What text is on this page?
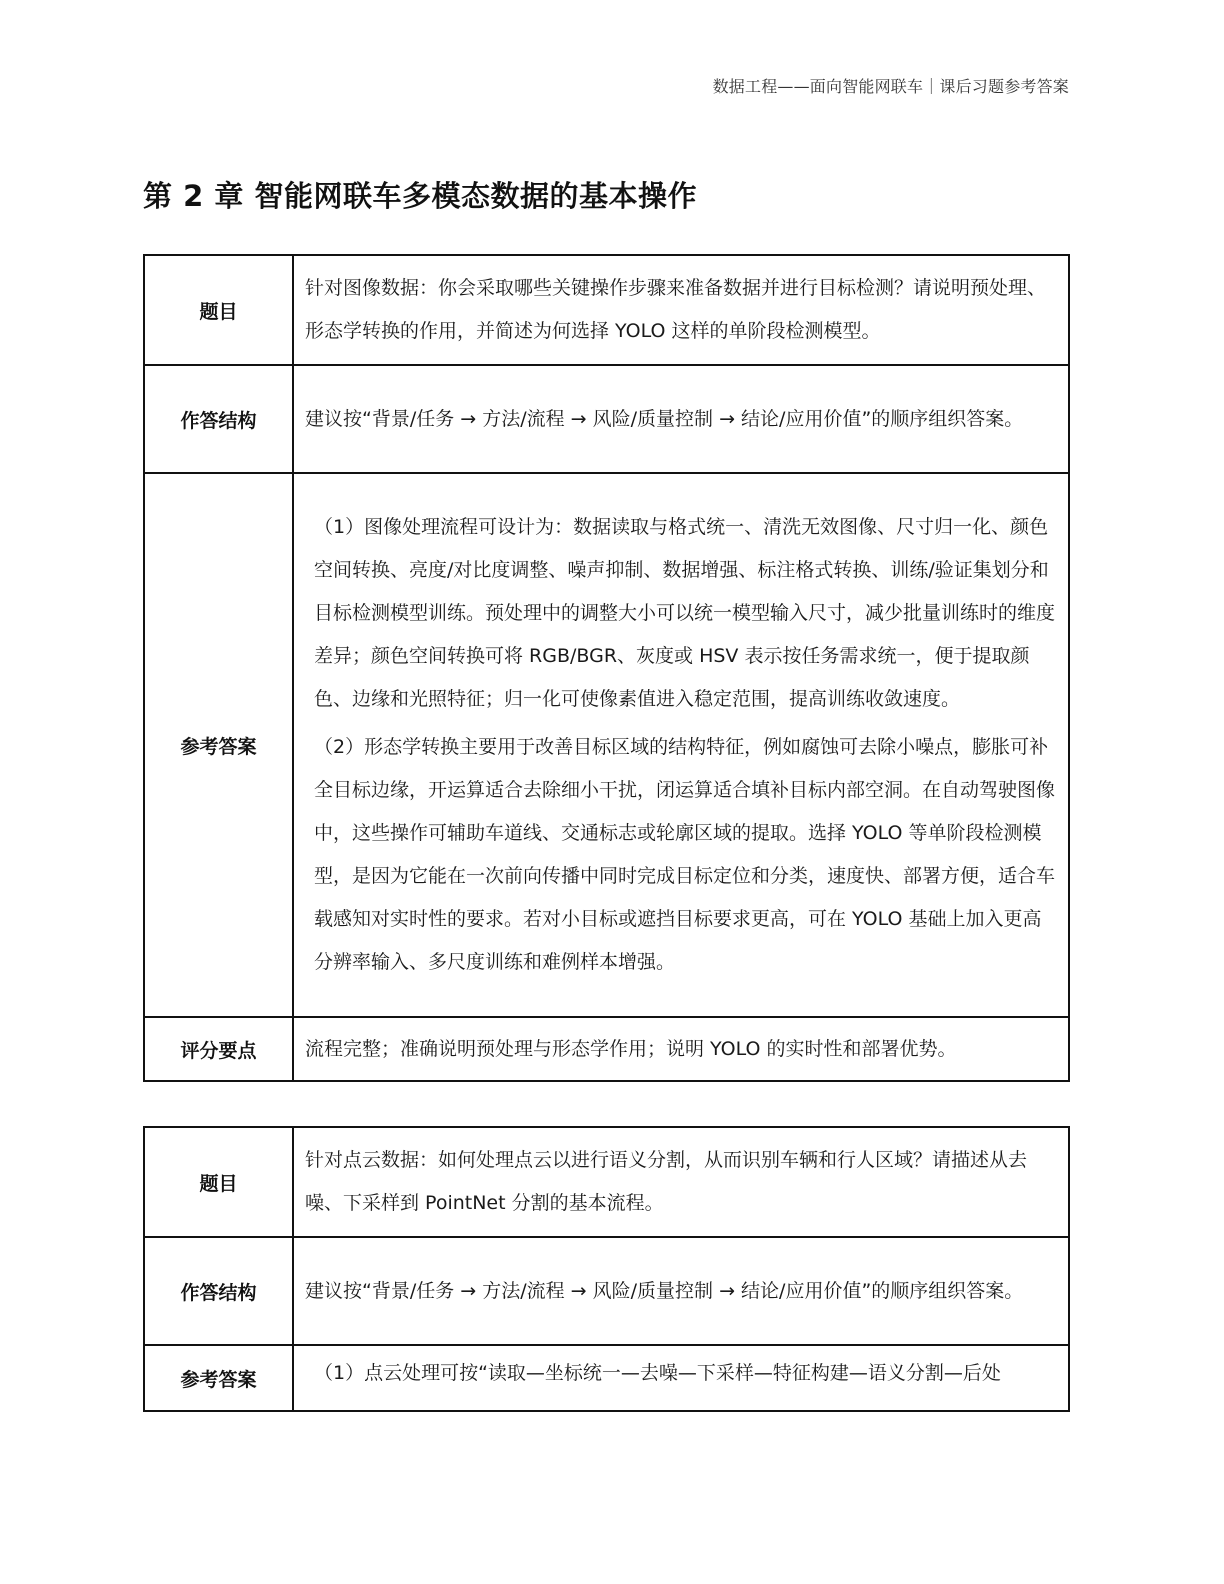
数据工程——面向智能网联车｜课后习题参考答案
第 2 章 智能网联车多模态数据的基本操作
题目	针对图像数据：你会采取哪些关键操作步骤来准备数据并进行目标检测？请说明预处理、形态学转换的作用，并简述为何选择 YOLO 这样的单阶段检测模型。

作答结构	建议按“背景/任务 → 方法/流程 → 风险/质量控制 → 结论/应用价值”的顺序组织答案。

参考答案	（1）图像处理流程可设计为：数据读取与格式统一、清洗无效图像、尺寸归一化、颜色空间转换、亮度/对比度调整、噪声抑制、数据增强、标注格式转换、训练/验证集划分和目标检测模型训练。预处理中的调整大小可以统一模型输入尺寸，减少批量训练时的维度差异；颜色空间转换可将 RGB/BGR、灰度或 HSV 表示按任务需求统一，便于提取颜色、边缘和光照特征；归一化可使像素值进入稳定范围，提高训练收敛速度。

（2）形态学转换主要用于改善目标区域的结构特征，例如腐蚀可去除小噪点，膨胀可补全目标边缘，开运算适合去除细小干扰，闭运算适合填补目标内部空洞。在自动驾驶图像中，这些操作可辅助车道线、交通标志或轮廓区域的提取。选择 YOLO 等单阶段检测模型，是因为它能在一次前向传播中同时完成目标定位和分类，速度快、部署方便，适合车载感知对实时性的要求。若对小目标或遮挡目标要求更高，可在 YOLO 基础上加入更高分辨率输入、多尺度训练和难例样本增强。

评分要点	流程完整；准确说明预处理与形态学作用；说明 YOLO 的实时性和部署优势。

题目	针对点云数据：如何处理点云以进行语义分割，从而识别车辆和行人区域？请描述从去噪、下采样到 PointNet 分割的基本流程。

作答结构	建议按“背景/任务 → 方法/流程 → 风险/质量控制 → 结论/应用价值”的顺序组织答案。

参考答案	（1）点云处理可按“读取—坐标统一—去噪—下采样—特征构建—语义分割—后处
